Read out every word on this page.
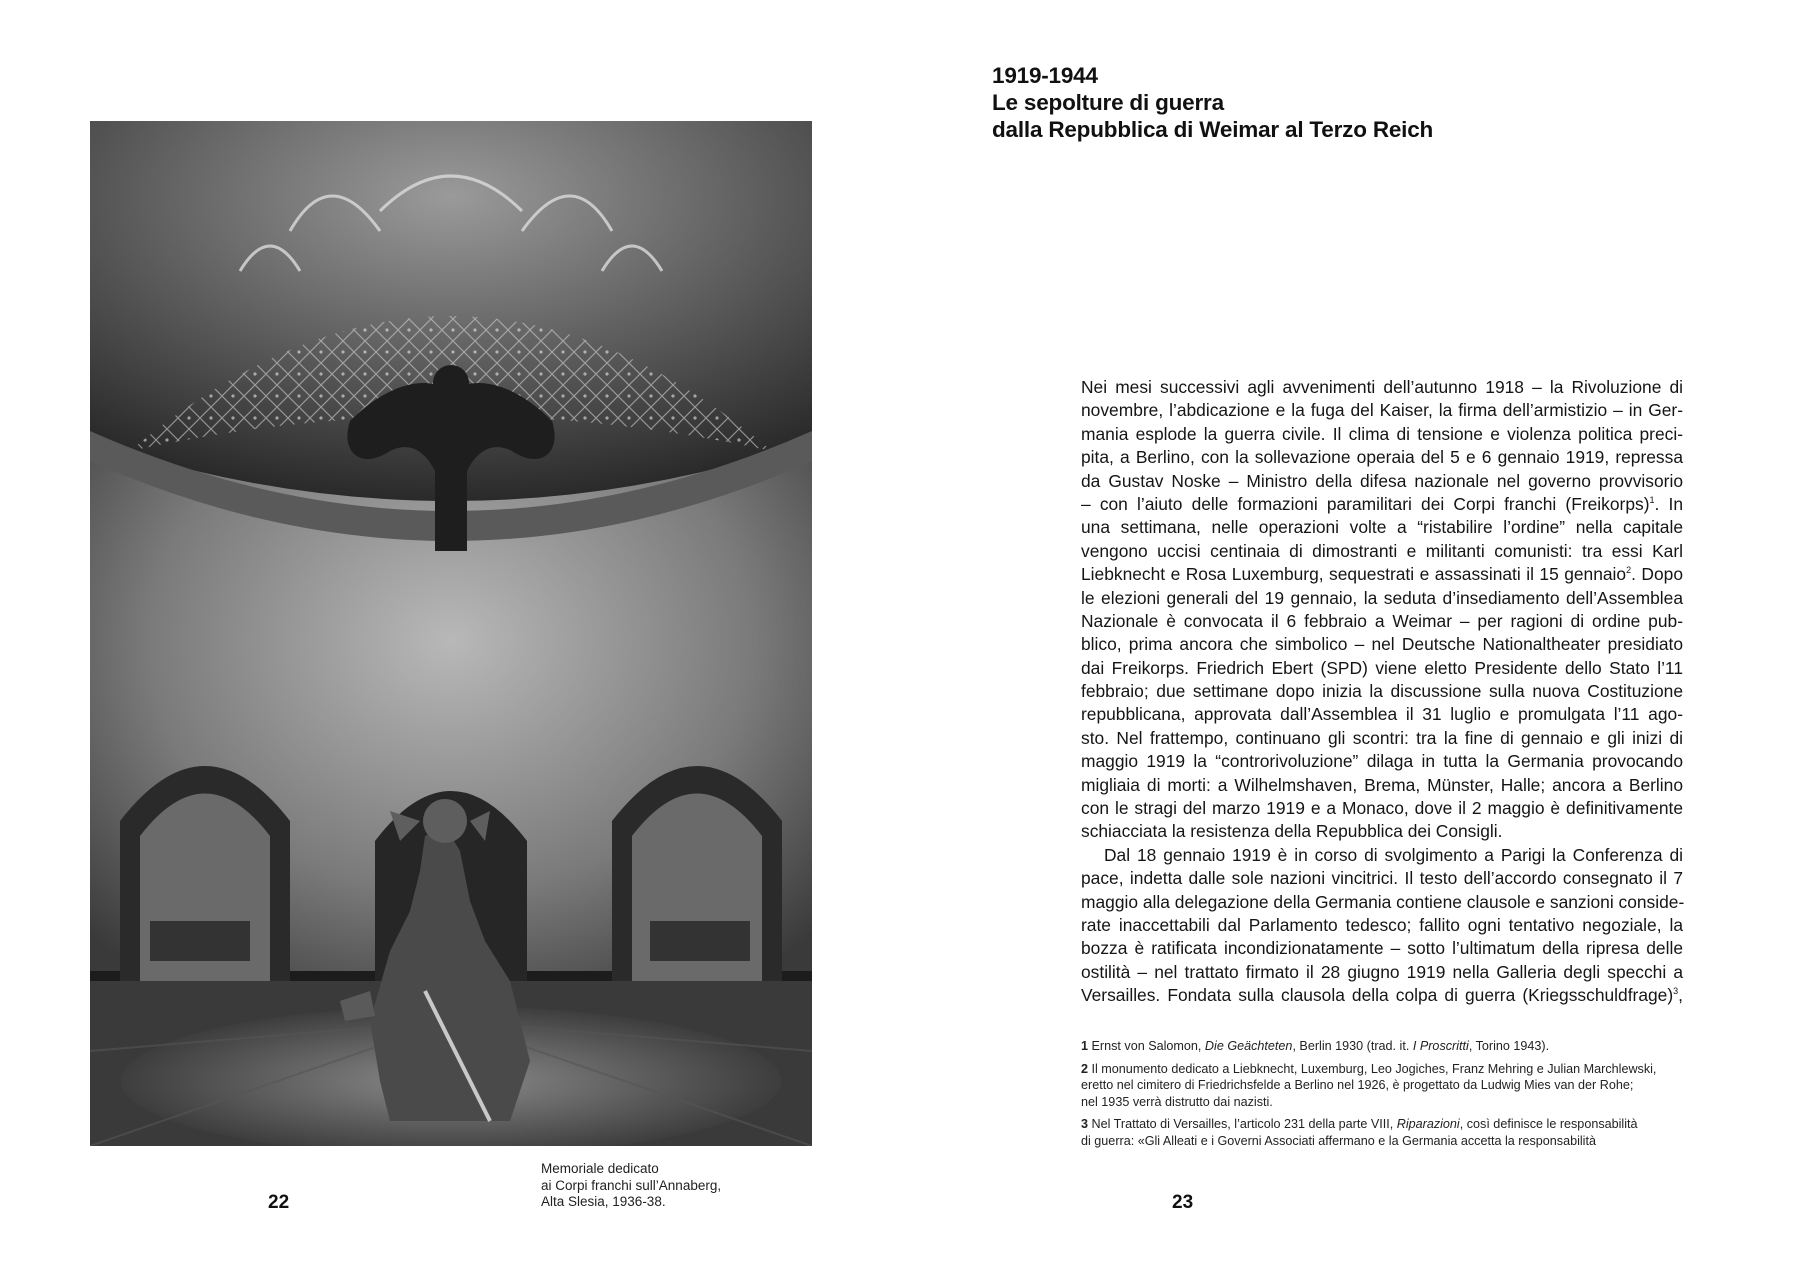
Memoriale dedicato
ai Corpi franchi sull’Annaberg,
Alta Slesia, 1936-38.
22
1919-1944
Le sepolture di guerra
dalla Repubblica di Weimar al Terzo Reich
Nei mesi successivi agli avvenimenti dell’autunno 1918 – la Rivoluzione di
novembre, l’abdicazione e la fuga del Kaiser, la firma dell’armistizio – in Ger-
mania esplode la guerra civile. Il clima di tensione e violenza politica preci-
pita, a Berlino, con la sollevazione operaia del 5 e 6 gennaio 1919, repressa
da Gustav Noske – Ministro della difesa nazionale nel governo provvisorio
– con l’aiuto delle formazioni paramilitari dei Corpi franchi (Freikorps)$^1$. In
una settimana, nelle operazioni volte a “ristabilire l’ordine” nella capitale
vengono uccisi centinaia di dimostranti e militanti comunisti: tra essi Karl
Liebknecht e Rosa Luxemburg, sequestrati e assassinati il 15 gennaio$^2$. Dopo
le elezioni generali del 19 gennaio, la seduta d’insediamento dell’Assemblea
Nazionale è convocata il 6 febbraio a Weimar – per ragioni di ordine pub-
blico, prima ancora che simbolico – nel Deutsche Nationaltheater presidiato
dai Freikorps. Friedrich Ebert (SPD) viene eletto Presidente dello Stato l’11
febbraio; due settimane dopo inizia la discussione sulla nuova Costituzione
repubblicana, approvata dall’Assemblea il 31 luglio e promulgata l’11 ago-
sto. Nel frattempo, continuano gli scontri: tra la fine di gennaio e gli inizi di
maggio 1919 la “controrivoluzione” dilaga in tutta la Germania provocando
migliaia di morti: a Wilhelmshaven, Brema, Münster, Halle; ancora a Berlino
con le stragi del marzo 1919 e a Monaco, dove il 2 maggio è definitivamente
schiacciata la resistenza della Repubblica dei Consigli.
Dal 18 gennaio 1919 è in corso di svolgimento a Parigi la Conferenza di
pace, indetta dalle sole nazioni vincitrici. Il testo dell’accordo consegnato il 7
maggio alla delegazione della Germania contiene clausole e sanzioni conside-
rate inaccettabili dal Parlamento tedesco; fallito ogni tentativo negoziale, la
bozza è ratificata incondizionatamente – sotto l’ultimatum della ripresa delle
ostilità – nel trattato firmato il 28 giugno 1919 nella Galleria degli specchi a
Versailles. Fondata sulla clausola della colpa di guerra (Kriegsschuldfrage)$^3$,
1 Ernst von Salomon, Die Geächteten, Berlin 1930 (trad. it. I Proscritti, Torino 1943).
2 Il monumento dedicato a Liebknecht, Luxemburg, Leo Jogiches, Franz Mehring e Julian Marchlewski,
eretto nel cimitero di Friedrichsfelde a Berlino nel 1926, è progettato da Ludwig Mies van der Rohe;
nel 1935 verrà distrutto dai nazisti.
3 Nel Trattato di Versailles, l’articolo 231 della parte VIII, Riparazioni, così definisce le responsabilità
di guerra: «Gli Alleati e i Governi Associati affermano e la Germania accetta la responsabilità
23
